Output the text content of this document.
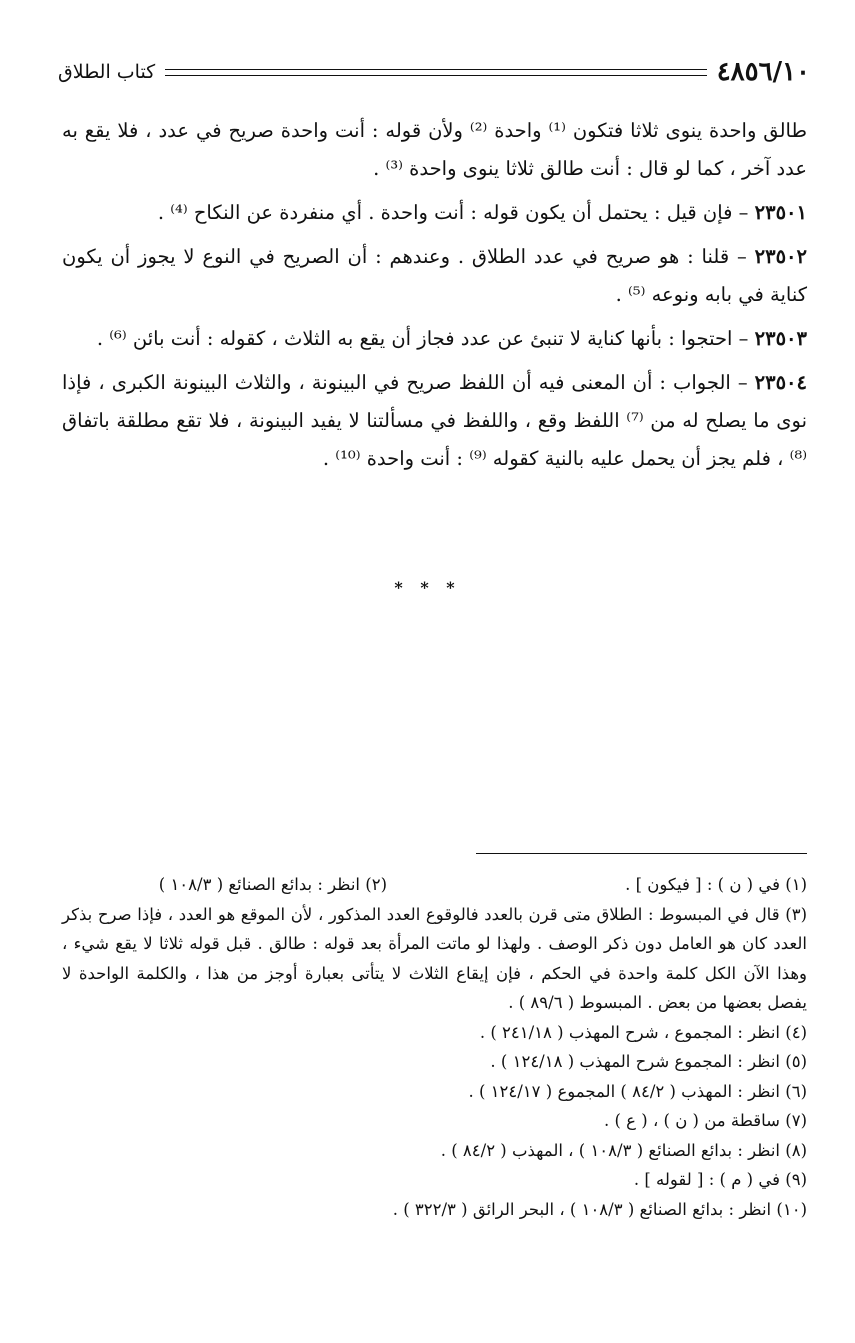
٤٨٥٦/١٠
كتاب الطلاق

طالق واحدة ينوى ثلاثا فتكون ⁽¹⁾ واحدة ⁽²⁾ ولأن قوله : أنت واحدة صريح في عدد ، فلا يقع به عدد آخر ، كما لو قال : أنت طالق ثلاثا ينوى واحدة ⁽³⁾ .

٢٣٥٠١ – فإن قيل : يحتمل أن يكون قوله : أنت واحدة . أي منفردة عن النكاح ⁽⁴⁾ .

٢٣٥٠٢ – قلنا : هو صريح في عدد الطلاق . وعندهم : أن الصريح في النوع لا يجوز أن يكون كناية في بابه ونوعه ⁽⁵⁾ .

٢٣٥٠٣ – احتجوا : بأنها كناية لا تنبئ عن عدد فجاز أن يقع به الثلاث ، كقوله : أنت بائن ⁽⁶⁾ .

٢٣٥٠٤ – الجواب : أن المعنى فيه أن اللفظ صريح في البينونة ، والثلاث البينونة الكبرى ، فإذا نوى ما يصلح له من ⁽⁷⁾ اللفظ وقع ، واللفظ في مسألتنا لا يفيد البينونة ، فلا تقع مطلقة باتفاق ⁽⁸⁾ ، فلم يجز أن يحمل عليه بالنية كقوله ⁽⁹⁾ : أنت واحدة ⁽¹⁰⁾ .

* * *

(١) في ( ن ) : [ فيكون ] .

(٢) انظر : بدائع الصنائع ( ١٠٨/٣ )

(٣) قال في المبسوط : الطلاق متى قرن بالعدد فالوقوع العدد المذكور ، لأن الموقع هو العدد ، فإذا صرح بذكر العدد كان هو العامل دون ذكر الوصف . ولهذا لو ماتت المرأة بعد قوله : طالق . قبل قوله ثلاثا لا يقع شيء ، وهذا الآن الكل كلمة واحدة في الحكم ، فإن إيقاع الثلاث لا يتأتى بعبارة أوجز من هذا ، والكلمة الواحدة لا يفصل بعضها من بعض . المبسوط ( ٨٩/٦ ) .

(٤) انظر : المجموع ، شرح المهذب ( ٢٤١/١٨ ) .

(٥) انظر : المجموع شرح المهذب ( ١٢٤/١٨ ) .

(٦) انظر : المهذب ( ٨٤/٢ ) المجموع ( ١٢٤/١٧ ) .

(٧) ساقطة من ( ن ) ، ( ع ) .

(٨) انظر : بدائع الصنائع ( ١٠٨/٣ ) ، المهذب ( ٨٤/٢ ) .

(٩) في ( م ) : [ لقوله ] .

(١٠) انظر : بدائع الصنائع ( ١٠٨/٣ ) ، البحر الرائق ( ٣٢٢/٣ ) .
